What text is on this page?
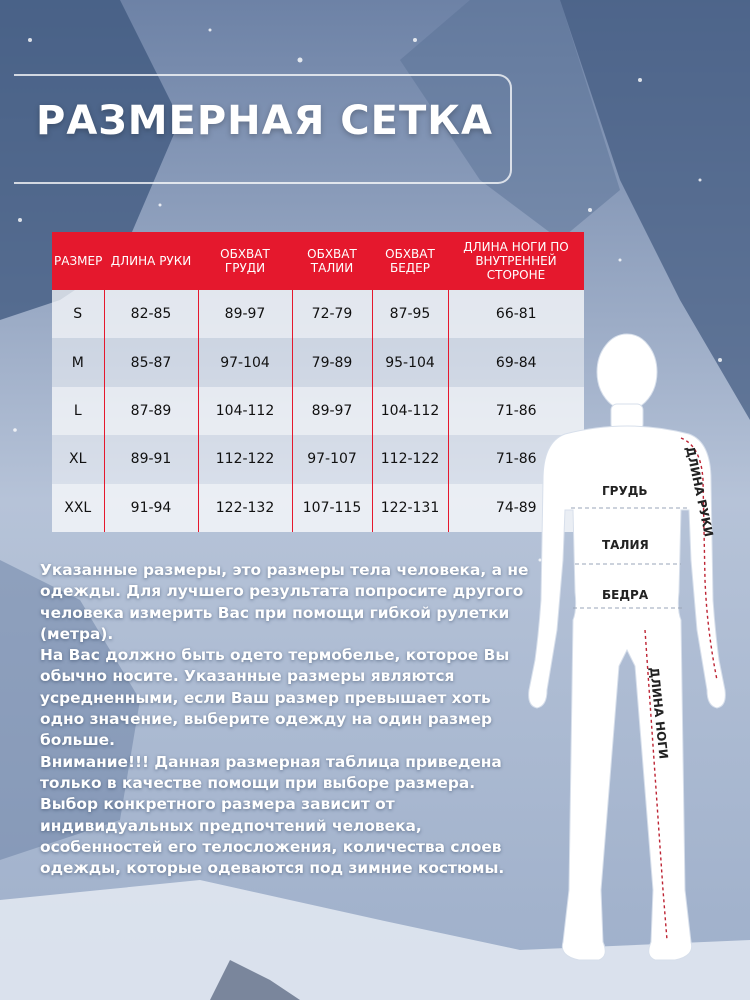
РАЗМЕРНАЯ СЕТКА
РАЗМЕР	ДЛИНА РУКИ	ОБХВАТ ГРУДИ	ОБХВАТ ТАЛИИ	ОБХВАТ БЕДЕР	ДЛИНА НОГИ ПО ВНУТРЕННЕЙ СТОРОНЕ
S	82-85	89-97	72-79	87-95	66-81
M	85-87	97-104	79-89	95-104	69-84
L	87-89	104-112	89-97	104-112	71-86
XL	89-91	112-122	97-107	112-122	71-86
XXL	91-94	122-132	107-115	122-131	74-89

Указанные размеры, это размеры тела человека, а не одежды. Для лучшего результата попросите другого человека измерить Вас при помощи гибкой рулетки (метра).

На Вас должно быть одето термобелье, которое Вы обычно носите. Указанные размеры являются усредненными, если Ваш размер превышает хоть одно значение, выберите одежду на один размер больше.

Внимание!!! Данная размерная таблица приведена только в качестве помощи при выборе размера. Выбор конкретного размера зависит от индивидуальных предпочтений человека, особенностей его телосложения, количества слоев одежды, которые одеваются под зимние костюмы.

ГРУДЬ
ТАЛИЯ
БЕДРА
ДЛИНА РУКИ
ДЛИНА НОГИ
